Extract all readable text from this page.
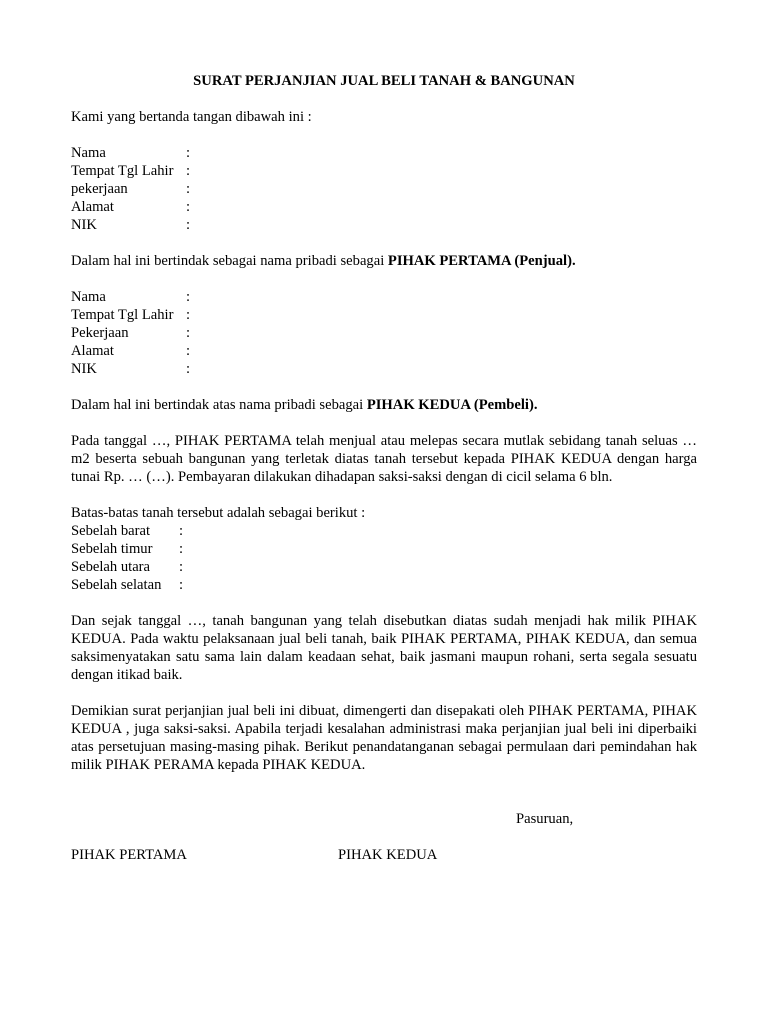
SURAT PERJANJIAN JUAL BELI TANAH & BANGUNAN
Kami yang bertanda tangan dibawah ini :
Nama	:
Tempat Tgl Lahir :
pekerjaan	:
Alamat	:
NIK	:
Dalam hal ini bertindak sebagai nama pribadi sebagai PIHAK PERTAMA (Penjual).
Nama	:
Tempat Tgl Lahir :
Pekerjaan	:
Alamat	:
NIK	:
Dalam hal ini bertindak atas nama pribadi sebagai PIHAK KEDUA (Pembeli).
Pada tanggal …, PIHAK PERTAMA telah menjual atau melepas secara mutlak sebidang tanah seluas … m2 beserta sebuah bangunan yang terletak diatas tanah tersebut kepada PIHAK KEDUA dengan harga tunai Rp. … (…). Pembayaran dilakukan dihadapan saksi-saksi dengan di cicil selama 6 bln.
Batas-batas tanah tersebut adalah sebagai berikut :
Sebelah barat	:
Sebelah timur	:
Sebelah utara	:
Sebelah selatan	:
Dan sejak tanggal …, tanah bangunan yang telah disebutkan diatas sudah menjadi hak milik PIHAK KEDUA. Pada waktu pelaksanaan jual beli tanah, baik PIHAK PERTAMA, PIHAK KEDUA, dan semua saksimenyatakan satu sama lain dalam keadaan sehat, baik jasmani maupun rohani, serta segala sesuatu dengan itikad baik.
Demikian surat perjanjian jual beli ini dibuat, dimengerti dan disepakati oleh PIHAK PERTAMA, PIHAK KEDUA , juga saksi-saksi. Apabila terjadi kesalahan administrasi maka perjanjian jual beli ini diperbaiki atas persetujuan masing-masing pihak. Berikut penandatanganan sebagai permulaan dari pemindahan hak milik PIHAK PERAMA kepada PIHAK KEDUA.
Pasuruan,
PIHAK PERTAMA	PIHAK KEDUA
